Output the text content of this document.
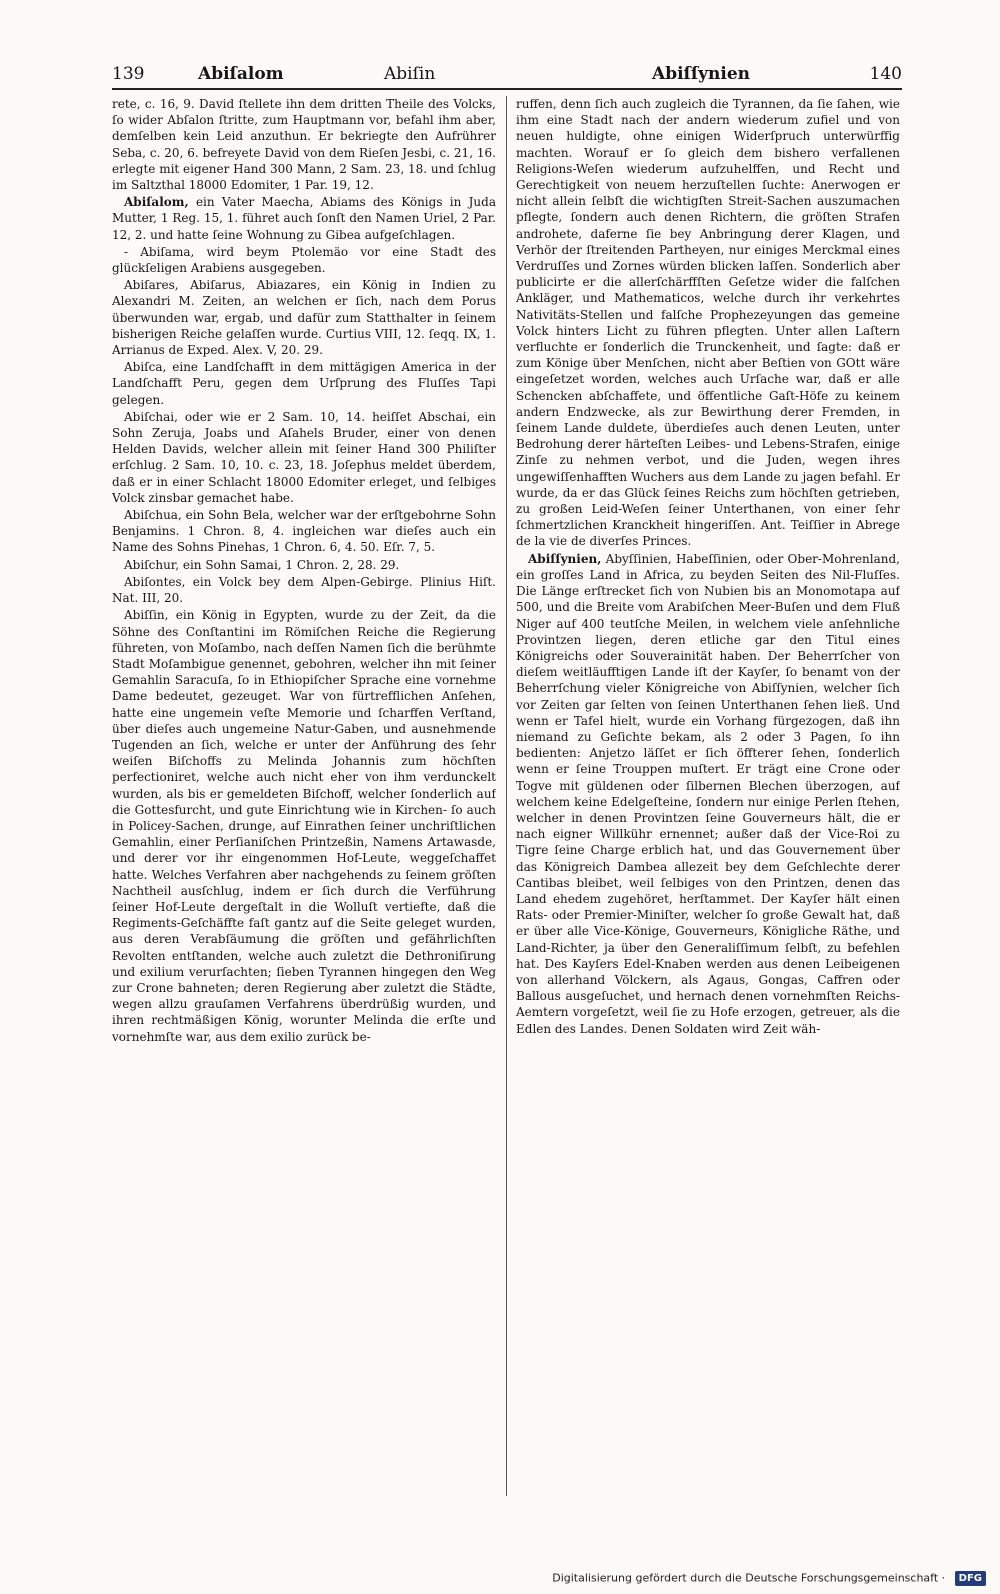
139	Abiſalom	Abiſin	Abiſſynien	140

rete, c. 16, 9. David ſtellete ihn dem dritten Theile des Volcks, ſo wider Abſalon ſtritte, zum Hauptmann vor, befahl ihm aber, demſelben kein Leid anzuthun. Er bekriegte den Aufrührer Seba, c. 20, 6. befreyete David von dem Rieſen Jesbi, c. 21, 16. erlegte mit eigener Hand 300 Mann, 2 Sam. 23, 18. und ſchlug im Saltzthal 18000 Edomiter, 1 Par. 19, 12.

Abiſalom, ein Vater Maecha, Abiams des Königs in Juda Mutter, 1 Reg. 15, 1. führet auch ſonſt den Namen Uriel, 2 Par. 12, 2. und hatte ſeine Wohnung zu Gibea aufgeſchlagen.

- Abiſama, wird beym Ptolemäo vor eine Stadt des glückſeligen Arabiens ausgegeben.

Abiſares, Abiſarus, Abiazares, ein König in Indien zu Alexandri M. Zeiten, an welchen er ſich, nach dem Porus überwunden war, ergab, und dafür zum Statthalter in ſeinem bisherigen Reiche gelaſſen wurde. Curtius VIII, 12. ſeqq. IX, 1. Arrianus de Exped. Alex. V, 20. 29.

Abiſca, eine Landſchafft in dem mittägigen America in der Landſchafft Peru, gegen dem Urſprung des Fluſſes Tapi gelegen.

Abiſchai, oder wie er 2 Sam. 10, 14. heiſſet Abschai, ein Sohn Zeruja, Joabs und Aſahels Bruder, einer von denen Helden Davids, welcher allein mit ſeiner Hand 300 Philiſter erſchlug. 2 Sam. 10, 10. c. 23, 18. Joſephus meldet überdem, daß er in einer Schlacht 18000 Edomiter erleget, und ſelbiges Volck zinsbar gemachet habe.

Abiſchua, ein Sohn Bela, welcher war der erſtgebohrne Sohn Benjamins. 1 Chron. 8, 4. ingleichen war dieſes auch ein Name des Sohns Pinehas, 1 Chron. 6, 4. 50. Eſr. 7, 5.

Abiſchur, ein Sohn Samai, 1 Chron. 2, 28. 29.

Abiſontes, ein Volck bey dem Alpen-Gebirge. Plinius Hiſt. Nat. III, 20.

Abiſſin, ein König in Egypten, wurde zu der Zeit, da die Söhne des Conſtantini im Römiſchen Reiche die Regierung führeten, von Moſambo, nach deſſen Namen ſich die berühmte Stadt Moſambigue genennet, gebohren, welcher ihn mit ſeiner Gemahlin Saracuſa, ſo in Ethiopiſcher Sprache eine vornehme Dame bedeutet, gezeuget. War von fürtrefflichen Anſehen, hatte eine ungemein veſte Memorie und ſcharffen Verſtand, über dieſes auch ungemeine Natur-Gaben, und ausnehmende Tugenden an ſich, welche er unter der Anführung des ſehr weiſen Biſchoffs zu Melinda Johannis zum höchſten perfectioniret, welche auch nicht eher von ihm verdunckelt wurden, als bis er gemeldeten Biſchoff, welcher ſonderlich auf die Gottesfurcht, und gute Einrichtung wie in Kirchen- ſo auch in Policey-Sachen, drunge, auf Einrathen ſeiner unchriſtlichen Gemahlin, einer Perſianiſchen Printzeßin, Namens Artawasde, und derer vor ihr eingenommen Hof-Leute, weggeſchaffet hatte. Welches Verfahren aber nachgehends zu ſeinem gröſten Nachtheil ausſchlug, indem er ſich durch die Verführung ſeiner Hof-Leute dergeſtalt in die Wolluſt vertiefte, daß die Regiments-Geſchäffte faſt gantz auf die Seite geleget wurden, aus deren Verabſäumung die gröſten und gefährlichſten Revolten entſtanden, welche auch zuletzt die Dethroniſirung und exilium verurſachten; ſieben Tyrannen hingegen den Weg zur Crone bahneten; deren Regierung aber zuletzt die Städte, wegen allzu grauſamen Verfahrens überdrüßig wurden, und ihren rechtmäßigen König, worunter Melinda die erſte und vornehmſte war, aus dem exilio zurück be-

ruffen, denn ſich auch zugleich die Tyrannen, da ſie ſahen, wie ihm eine Stadt nach der andern wiederum zufiel und von neuen huldigte, ohne einigen Widerſpruch unterwürffig machten. Worauf er ſo gleich dem bishero verfallenen Religions-Weſen wiederum aufzuhelffen, und Recht und Gerechtigkeit von neuem herzuſtellen ſuchte: Anerwogen er nicht allein ſelbſt die wichtigſten Streit-Sachen auszumachen pflegte, ſondern auch denen Richtern, die gröſten Strafen androhete, daferne ſie bey Anbringung derer Klagen, und Verhör der ſtreitenden Partheyen, nur einiges Merckmal eines Verdruſſes und Zornes würden blicken laſſen. Sonderlich aber publicirte er die allerſchärffſten Geſetze wider die falſchen Ankläger, und Mathematicos, welche durch ihr verkehrtes Nativitäts-Stellen und falſche Prophezeyungen das gemeine Volck hinters Licht zu führen pflegten. Unter allen Laſtern verfluchte er ſonderlich die Trunckenheit, und ſagte: daß er zum Könige über Menſchen, nicht aber Beſtien von GOtt wäre eingeſetzet worden, welches auch Urſache war, daß er alle Schencken abſchaffete, und öffentliche Gaſt-Höfe zu keinem andern Endzwecke, als zur Bewirthung derer Fremden, in ſeinem Lande duldete, überdieſes auch denen Leuten, unter Bedrohung derer härteſten Leibes- und Lebens-Strafen, einige Zinſe zu nehmen verbot, und die Juden, wegen ihres ungewiſſenhafften Wuchers aus dem Lande zu jagen befahl. Er wurde, da er das Glück ſeines Reichs zum höchſten getrieben, zu großen Leid-Weſen ſeiner Unterthanen, von einer ſehr ſchmertzlichen Kranckheit hingeriſſen. Ant. Teiſſier in Abrege de la vie de diverſes Princes.

Abiſſynien, Abyſſinien, Habeſſinien, oder Ober-Mohrenland, ein groſſes Land in Africa, zu beyden Seiten des Nil-Fluſſes. Die Länge erſtrecket ſich von Nubien bis an Monomotapa auf 500, und die Breite vom Arabiſchen Meer-Buſen und dem Fluß Niger auf 400 teutſche Meilen, in welchem viele anſehnliche Provintzen liegen, deren etliche gar den Titul eines Königreichs oder Souverainität haben. Der Beherrſcher von dieſem weitläufftigen Lande iſt der Kayſer, ſo benamt von der Beherrſchung vieler Königreiche von Abiſſynien, welcher ſich vor Zeiten gar ſelten von ſeinen Unterthanen ſehen ließ. Und wenn er Tafel hielt, wurde ein Vorhang fürgezogen, daß ihn niemand zu Geſichte bekam, als 2 oder 3 Pagen, ſo ihn bedienten: Anjetzo läſſet er ſich öffterer ſehen, ſonderlich wenn er ſeine Trouppen muſtert. Er trägt eine Crone oder Togve mit güldenen oder ſilbernen Blechen überzogen, auf welchem keine Edelgeſteine, ſondern nur einige Perlen ſtehen, welcher in denen Provintzen ſeine Gouverneurs hält, die er nach eigner Willkühr ernennet; außer daß der Vice-Roi zu Tigre ſeine Charge erblich hat, und das Gouvernement über das Königreich Dambea allezeit bey dem Geſchlechte derer Cantibas bleibet, weil ſelbiges von den Printzen, denen das Land ehedem zugehöret, herſtammet. Der Kayſer hält einen Rats- oder Premier-Miniſter, welcher ſo große Gewalt hat, daß er über alle Vice-Könige, Gouverneurs, Königliche Räthe, und Land-Richter, ja über den Generaliſſimum ſelbſt, zu befehlen hat. Des Kayſers Edel-Knaben werden aus denen Leibeigenen von allerhand Völckern, als Agaus, Gongas, Caffren oder Ballous ausgeſuchet, und hernach denen vornehmſten Reichs-Aemtern vorgeſetzt, weil ſie zu Hofe erzogen, getreuer, als die Edlen des Landes. Denen Soldaten wird Zeit wäh-

Digitalisierung gefördert durch die Deutsche Forschungsgemeinschaft · DFG
